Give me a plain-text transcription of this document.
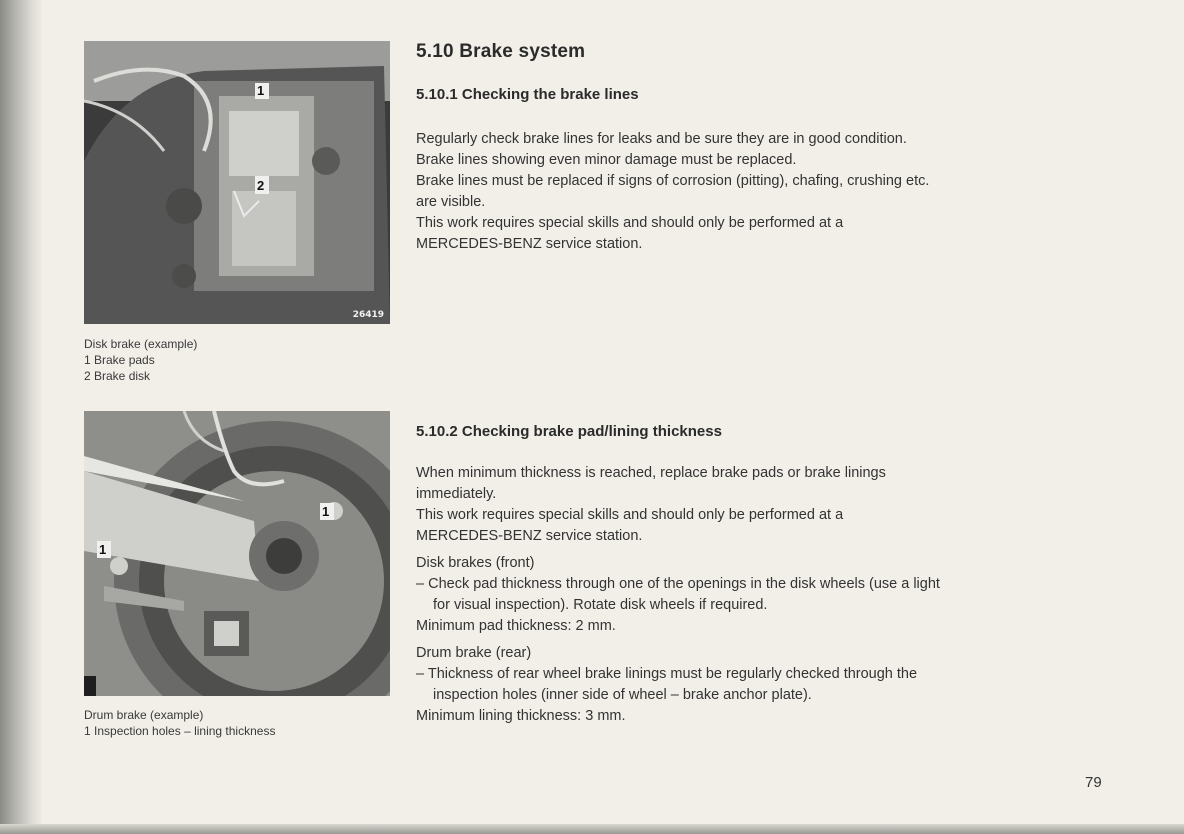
1
2
26419
Disk brake (example)
1 Brake pads
2 Brake disk
1
1
Drum brake (example)
1 Inspection holes – lining thickness
5.10 Brake system
5.10.1 Checking the brake lines

Regularly check brake lines for leaks and be sure they are in good condition.

Brake lines showing even minor damage must be replaced.

Brake lines must be replaced if signs of corrosion (pitting), chafing, crushing etc.

are visible.

This work requires special skills and should only be performed at a

MERCEDES-BENZ service station.

5.10.2 Checking brake pad/lining thickness

When minimum thickness is reached, replace brake pads or brake linings

immediately.

This work requires special skills and should only be performed at a

MERCEDES-BENZ service station.

Disk brakes (front)

– Check pad thickness through one of the openings in the disk wheels (use a light

for visual inspection). Rotate disk wheels if required.

Minimum pad thickness: 2 mm.

Drum brake (rear)

– Thickness of rear wheel brake linings must be regularly checked through the

inspection holes (inner side of wheel – brake anchor plate).

Minimum lining thickness: 3 mm.

79
